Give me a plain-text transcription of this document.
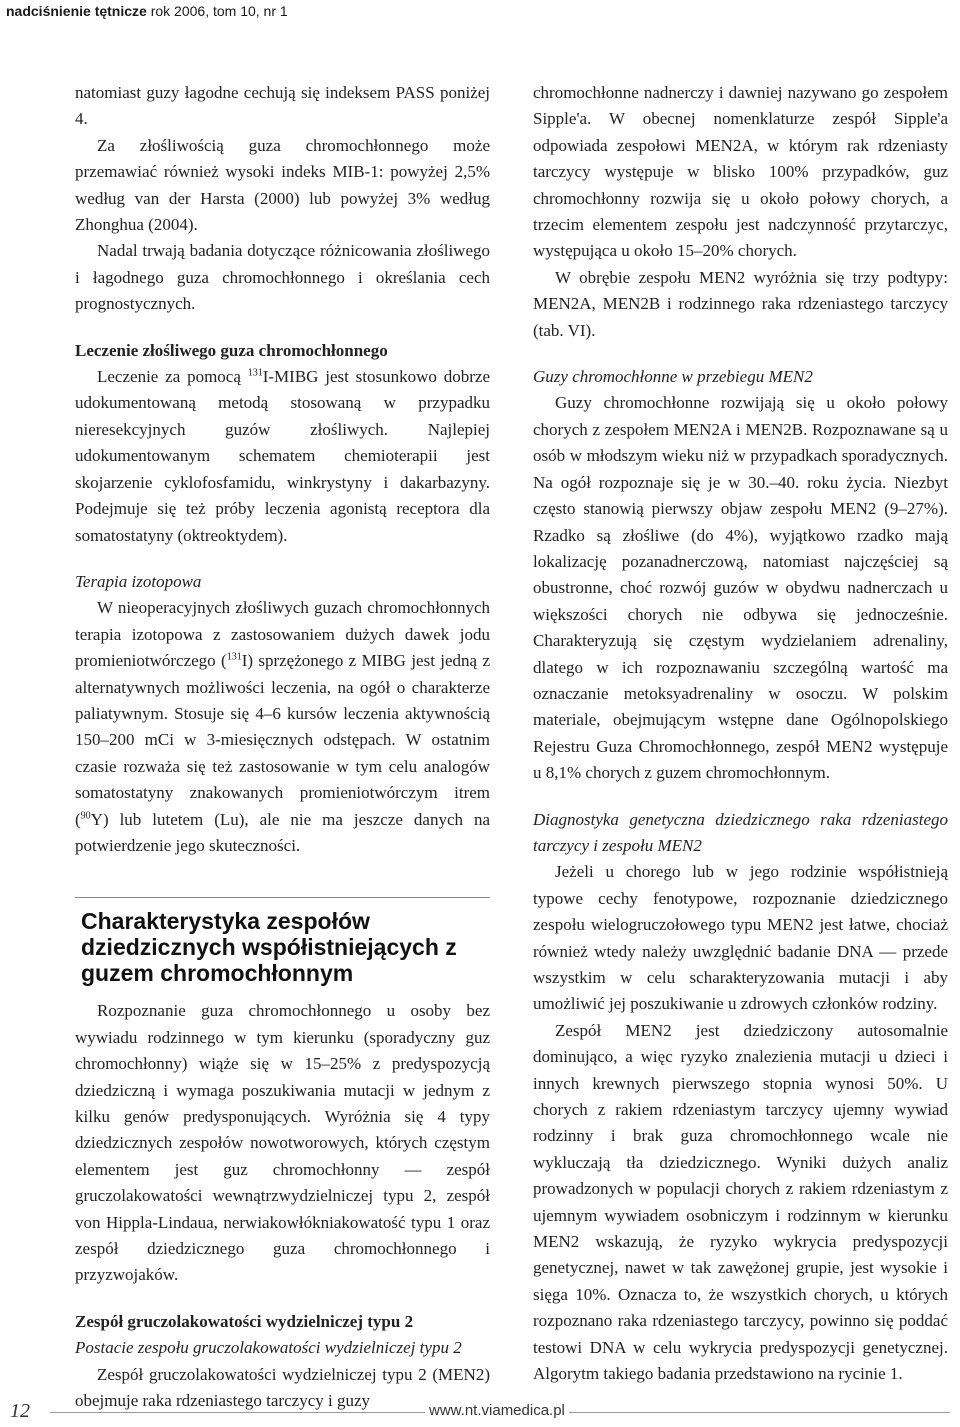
nadciśnienie tętnicze rok 2006, tom 10, nr 1

natomiast guzy łagodne cechują się indeksem PASS poniżej 4.

Za złośliwością guza chromochłonnego może przemawiać również wysoki indeks MIB-1: powyżej 2,5% według van der Harsta (2000) lub powyżej 3% według Zhonghua (2004).

Nadal trwają badania dotyczące różnicowania złośliwego i łagodnego guza chromochłonnego i określania cech prognostycznych.

Leczenie złośliwego guza chromochłonnego

Leczenie za pomocą $^{131}$I-MIBG jest stosunkowo dobrze udokumentowaną metodą stosowaną w przypadku nieresekcyjnych guzów złośliwych. Najlepiej udokumentowanym schematem chemioterapii jest skojarzenie cyklofosfamidu, winkrystyny i dakarbazyny. Podejmuje się też próby leczenia agonistą receptora dla somatostatyny (oktreoktydem).

Terapia izotopowa

W nieoperacyjnych złośliwych guzach chromochłonnych terapia izotopowa z zastosowaniem dużych dawek jodu promieniotwórczego ($^{131}$I) sprzężonego z MIBG jest jedną z alternatywnych możliwości leczenia, na ogół o charakterze paliatywnym. Stosuje się 4–6 kursów leczenia aktywnością 150–200 mCi w 3-miesięcznych odstępach. W ostatnim czasie rozważa się też zastosowanie w tym celu analogów somatostatyny znakowanych promieniotwórczym itrem ($^{90}$Y) lub lutetem (Lu), ale nie ma jeszcze danych na potwierdzenie jego skuteczności.

Charakterystyka zespołów dziedzicznych współistniejących z guzem chromochłonnym

Rozpoznanie guza chromochłonnego u osoby bez wywiadu rodzinnego w tym kierunku (sporadyczny guz chromochłonny) wiąże się w 15–25% z predyspozycją dziedziczną i wymaga poszukiwania mutacji w jednym z kilku genów predysponujących. Wyróżnia się 4 typy dziedzicznych zespołów nowotworowych, których częstym elementem jest guz chromochłonny — zespół gruczolakowatości wewnątrzwydzielniczej typu 2, zespół von Hippla-Lindaua, nerwiakowłókniakowatość typu 1 oraz zespół dziedzicznego guza chromochłonnego i przyzwojaków.

Zespół gruczolakowatości wydzielniczej typu 2

Postacie zespołu gruczolakowatości wydzielniczej typu 2

Zespół gruczolakowatości wydzielniczej typu 2 (MEN2) obejmuje raka rdzeniastego tarczycy i guzy

chromochłonne nadnerczy i dawniej nazywano go zespołem Sipple'a. W obecnej nomenklaturze zespół Sipple'a odpowiada zespołowi MEN2A, w którym rak rdzeniasty tarczycy występuje w blisko 100% przypadków, guz chromochłonny rozwija się u około połowy chorych, a trzecim elementem zespołu jest nadczynność przytarczyc, występująca u około 15–20% chorych.

W obrębie zespołu MEN2 wyróżnia się trzy podtypy: MEN2A, MEN2B i rodzinnego raka rdzeniastego tarczycy (tab. VI).

Guzy chromochłonne w przebiegu MEN2

Guzy chromochłonne rozwijają się u około połowy chorych z zespołem MEN2A i MEN2B. Rozpoznawane są u osób w młodszym wieku niż w przypadkach sporadycznych. Na ogół rozpoznaje się je w 30.–40. roku życia. Niezbyt często stanowią pierwszy objaw zespołu MEN2 (9–27%). Rzadko są złośliwe (do 4%), wyjątkowo rzadko mają lokalizację pozanadnerczową, natomiast najczęściej są obustronne, choć rozwój guzów w obydwu nadnerczach u większości chorych nie odbywa się jednocześnie. Charakteryzują się częstym wydzielaniem adrenaliny, dlatego w ich rozpoznawaniu szczególną wartość ma oznaczanie metoksyadrenaliny w osoczu. W polskim materiale, obejmującym wstępne dane Ogólnopolskiego Rejestru Guza Chromochłonnego, zespół MEN2 występuje u 8,1% chorych z guzem chromochłonnym.

Diagnostyka genetyczna dziedzicznego raka rdzeniastego tarczycy i zespołu MEN2

Jeżeli u chorego lub w jego rodzinie współistnieją typowe cechy fenotypowe, rozpoznanie dziedzicznego zespołu wielogruczołowego typu MEN2 jest łatwe, chociaż również wtedy należy uwzględnić badanie DNA — przede wszystkim w celu scharakteryzowania mutacji i aby umożliwić jej poszukiwanie u zdrowych członków rodziny.

Zespół MEN2 jest dziedziczony autosomalnie dominująco, a więc ryzyko znalezienia mutacji u dzieci i innych krewnych pierwszego stopnia wynosi 50%. U chorych z rakiem rdzeniastym tarczycy ujemny wywiad rodzinny i brak guza chromochłonnego wcale nie wykluczają tła dziedzicznego. Wyniki dużych analiz prowadzonych w populacji chorych z rakiem rdzeniastym z ujemnym wywiadem osobniczym i rodzinnym w kierunku MEN2 wskazują, że ryzyko wykrycia predyspozycji genetycznej, nawet w tak zawężonej grupie, jest wysokie i sięga 10%. Oznacza to, że wszystkich chorych, u których rozpoznano raka rdzeniastego tarczycy, powinno się poddać testowi DNA w celu wykrycia predyspozycji genetycznej. Algorytm takiego badania przedstawiono na rycinie 1.

12	www.nt.viamedica.pl
